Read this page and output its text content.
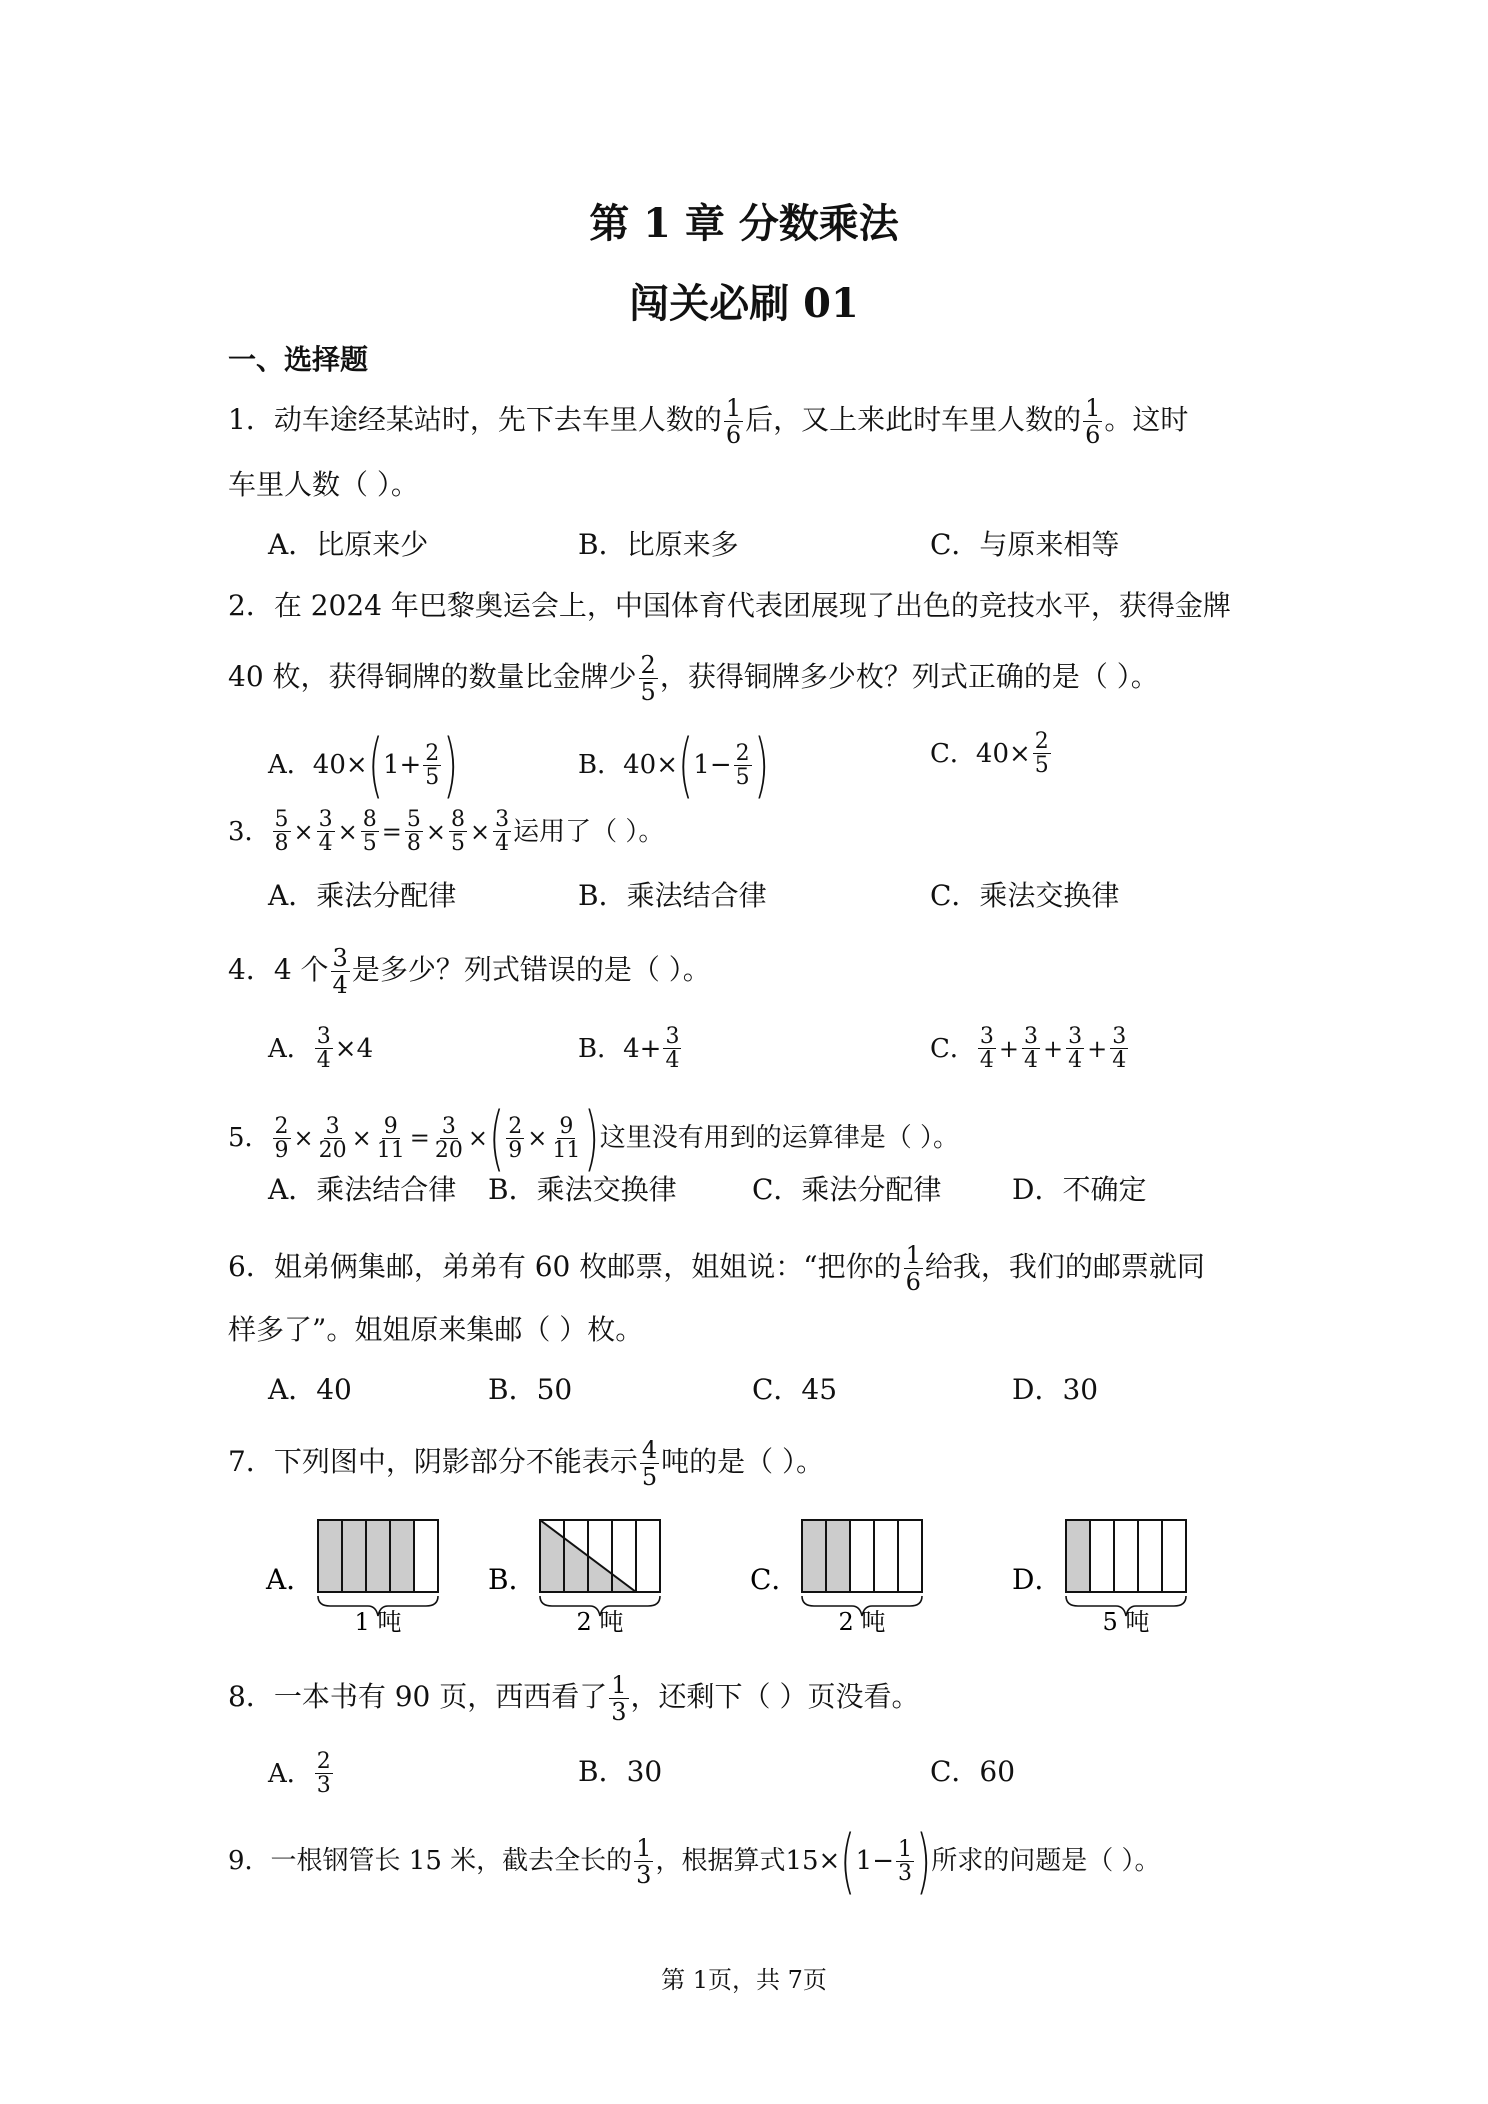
第 1 章 分数乘法
闯关必刷 01
一、选择题
1．动车途经某站时，先下去车里人数的 $\frac{1}{6}$ 后，又上来此时车里人数的 $\frac{1}{6}$ 。这时
车里人数（ ）。
A．比原来少	B．比原来多	C．与原来相等
2．在 2024 年巴黎奥运会上，中国体育代表团展现了出色的竞技水平，获得金牌
40 枚，获得铜牌的数量比金牌少 $\frac{2}{5}$ ，获得铜牌多少枚？列式正确的是（ ）。
A． 40× ( $1+ \frac{2}{5}$ )	B． 40× ( $1- \frac{2}{5}$ )	C． $40\times \frac{2}{5}$
3． $\frac{5}{8} \times \frac{3}{4} \times \frac{8}{5} = \frac{5}{8} \times \frac{8}{5} \times \frac{3}{4}$ 运用了（ ）。
A．乘法分配律	B．乘法结合律	C．乘法交换律
4．4 个 $\frac{3}{4}$ 是多少？列式错误的是（ ）。
A． $\frac{3}{4} \times 4$	B． $4+ \frac{3}{4}$	C． $\frac{3}{4} + \frac{3}{4} + \frac{3}{4} + \frac{3}{4}$
5． $\frac{2}{9} \times \frac{3}{20} \times \frac{9}{11} = \frac{3}{20}$ × ( $\frac{2}{9} \times \frac{9}{11}$ ) 这里没有用到的运算律是（ ）。
A．乘法结合律 B．乘法交换律	C．乘法分配律	D．不确定
6．姐弟俩集邮，弟弟有 60 枚邮票，姐姐说：“把你的 $\frac{1}{6}$ 给我，我们的邮票就同
样多了”。姐姐原来集邮（ ）枚。
A．40	B．50	C．45	D．30
7．下列图中，阴影部分不能表示 $\frac{4}{5}$ 吨的是（ ）。
A．
1 吨
B．
2 吨
C．
2 吨
D．
5 吨
8．一本书有 90 页，西西看了 $\frac{1}{3}$ ，还剩下（ ）页没看。
A． $\frac{2}{3}$	B．30	C．60
9． 一根钢管长 15 米，截去全长的 $\frac{1}{3}$ ，根据算式 15× ( $1- \frac{1}{3}$ ) 所求的问题是（ ）。
第 1页，共 7页
